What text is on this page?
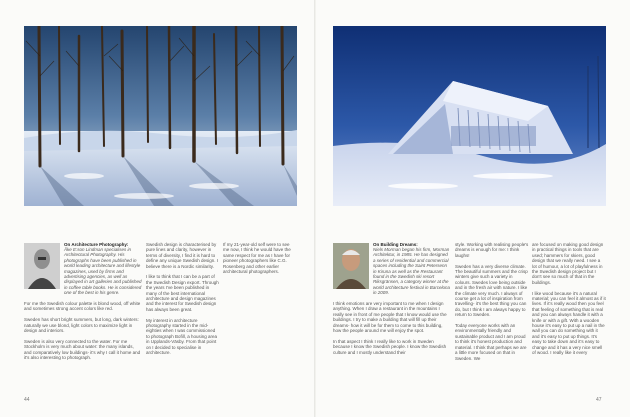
On Architecture Photography:

Åke E:son Lindman specialises in Architectural Photography. His photographs have been published in world leading architecture and lifestyle magazines, used by firms and advertising agencies, as well as displayed in art galleries and published in coffee table books. He is considered one of the best in his genre.

For me the Swedish colour palette is blond wood, off white and sometimes strong accent colors like red.

Sweden has short bright summers, but long, dark winters: naturally we use blond, light colors to maximize light in design and interiors.

Sweden is also very connected to the water. For me Stockholm is very much about water: the many islands, and comparatively low buildings- it's why I call it home and it's also interesting to photograph.

Swedish design is characterised by pure lines and clarity, however in terms of diversity, I find it is hard to define any unique Swedish design. I believe there is a Nordic similarity.

I like to think that I can be a part of the Swedish Design export. Through the years I've been published in many of the best international architecture and design magazines and the interest for Swedish design has always been great.

My interest in architecture photography started in the mid-eighties when I was commissioned to photograph Bofill, a housing area in Upplands-Väsby. From that point on I decided to specialise in architecture.

If my 21-year-old self were to see me now, I think he would have the same respect for me as I have for pioneer photographers like C.G. Rosenberg and other earlier architectural photographers.

44
On Building Dreams:

Niels Morman began his firm, Morman Architektur, in 1985. He has designed a series of residential and commercial spaces including the Saint Petersenn in Kiruna as well as the Restaurant found in the Swedish ski resort Riksgränsen, a category winner at the world architecture festival in Barcelona in 2009.

I think emotions are very important to me when I design anything. When I draw a restaurant in the mountains I really see in front of me people that I know would use the buildings. I try to make a building that will fill up their dreams- how it will be for them to come to this building, how the people around me will enjoy the spot.

In that aspect I think I really like to work in Sweden because I know the Swedish people. I know the Swedish culture and I mostly understand their

style. Working with realising people's dreams is enough for me: I think laughs!

Sweden has a very diverse climate. The beautiful summers and the crisp winters give such a variety in colours. Swedes love being outside and in the fresh air with nature. I like the climate very much. I always of course get a lot of inspiration from travelling- it's the best thing you can do, but I think I am always happy to return to Sweden.

Today everyone works with an environmentally friendly and sustainable product and I am proud to think it's honest production and material. I think that perhaps we are a little more focused on that in Sweden. We

are focused on making good design in practical things in tools that are used; hammers for skiers, good design that we really need. I see a lot of humour, a lot of playfulness in the Swedish design project but I don't see so much of that in the buildings.

I like wood because it's a natural material; you can feel it almost as if it lives. If it's really wood then you feel that feeling of something that is real and you can always handle it with a knife or with a gift. With a wooden house it's easy to put up a nail in the wall you can do something with it and it's easy to put up things. It's easy to take down and it's easy to change and it has a very nice smell of wood. I really like it every

47
